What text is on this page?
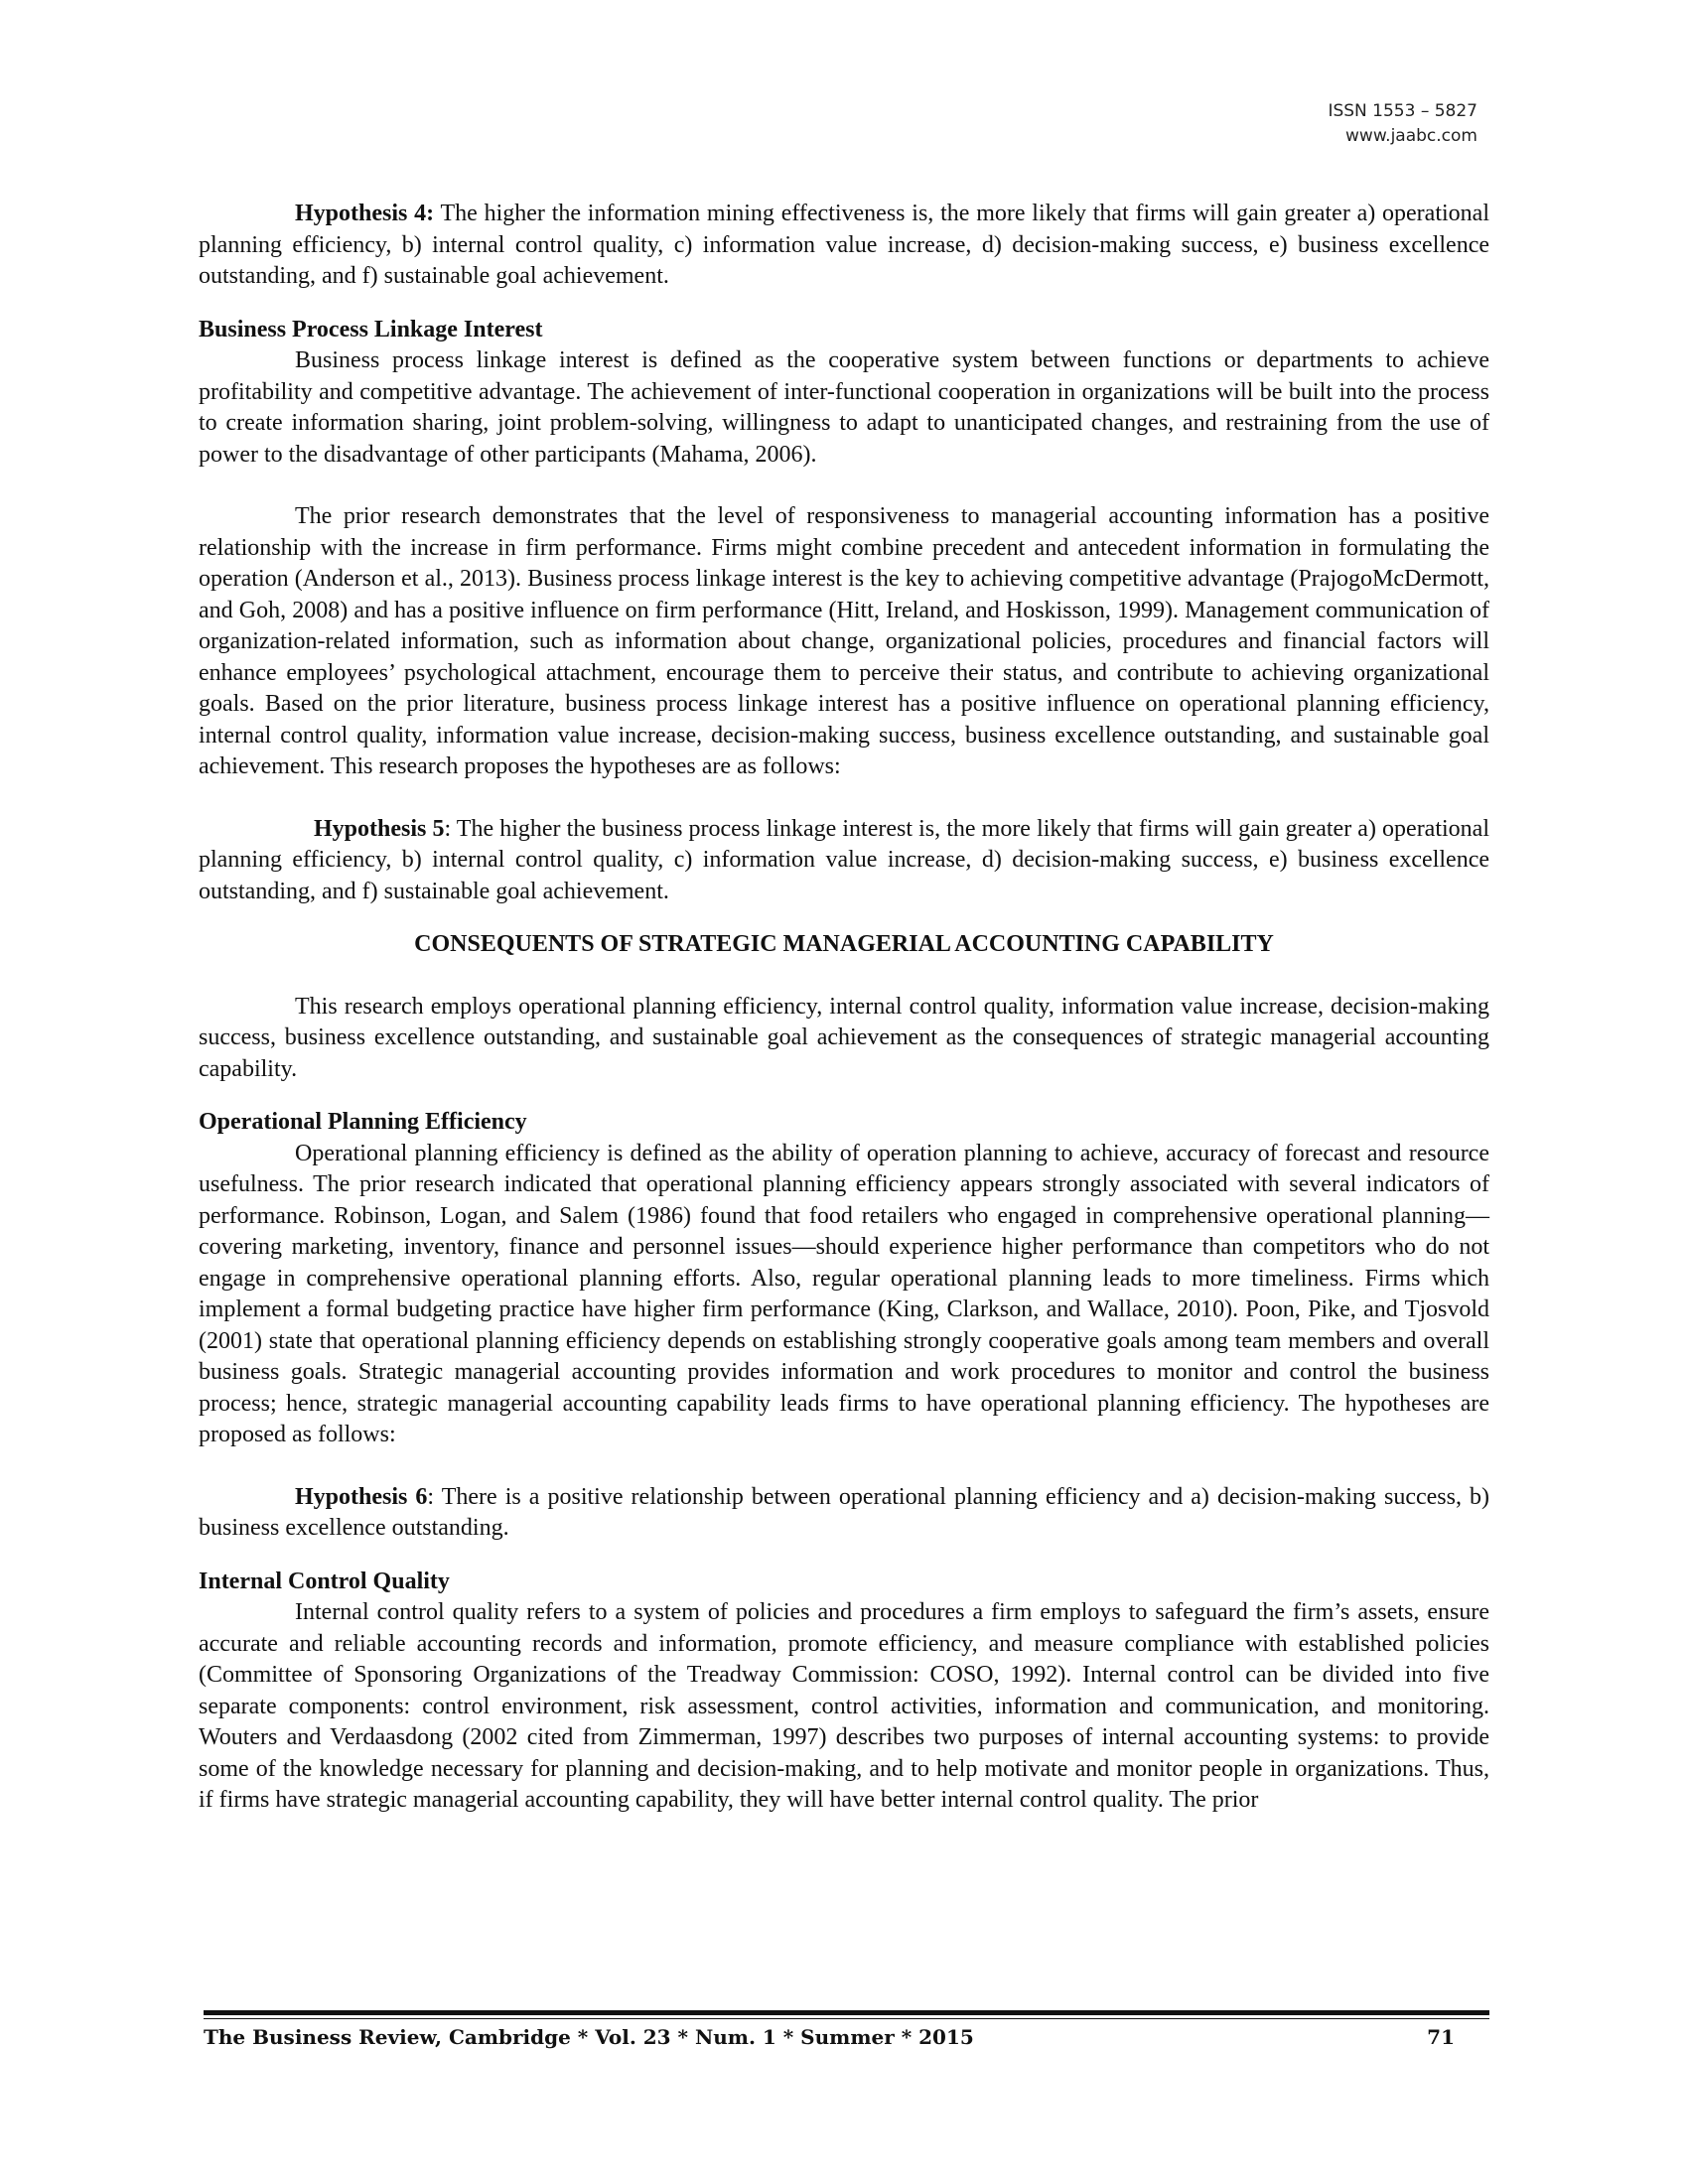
ISSN 1553 – 5827
www.jaabc.com

Hypothesis 4: The higher the information mining effectiveness is, the more likely that firms will gain greater a) operational planning efficiency, b) internal control quality, c) information value increase, d) decision-making success, e) business excellence outstanding, and f) sustainable goal achievement.

Business Process Linkage Interest

Business process linkage interest is defined as the cooperative system between functions or departments to achieve profitability and competitive advantage. The achievement of inter-functional cooperation in organizations will be built into the process to create information sharing, joint problem-solving, willingness to adapt to unanticipated changes, and restraining from the use of power to the disadvantage of other participants (Mahama, 2006).

The prior research demonstrates that the level of responsiveness to managerial accounting information has a positive relationship with the increase in firm performance. Firms might combine precedent and antecedent information in formulating the operation (Anderson et al., 2013). Business process linkage interest is the key to achieving competitive advantage (PrajogoMcDermott, and Goh, 2008) and has a positive influence on firm performance (Hitt, Ireland, and Hoskisson, 1999). Management communication of organization-related information, such as information about change, organizational policies, procedures and financial factors will enhance employees’ psychological attachment, encourage them to perceive their status, and contribute to achieving organizational goals. Based on the prior literature, business process linkage interest has a positive influence on operational planning efficiency, internal control quality, information value increase, decision-making success, business excellence outstanding, and sustainable goal achievement. This research proposes the hypotheses are as follows:

Hypothesis 5: The higher the business process linkage interest is, the more likely that firms will gain greater a) operational planning efficiency, b) internal control quality, c) information value increase, d) decision-making success, e) business excellence outstanding, and f) sustainable goal achievement.

CONSEQUENTS OF STRATEGIC MANAGERIAL ACCOUNTING CAPABILITY

This research employs operational planning efficiency, internal control quality, information value increase, decision-making success, business excellence outstanding, and sustainable goal achievement as the consequences of strategic managerial accounting capability.

Operational Planning Efficiency

Operational planning efficiency is defined as the ability of operation planning to achieve, accuracy of forecast and resource usefulness. The prior research indicated that operational planning efficiency appears strongly associated with several indicators of performance. Robinson, Logan, and Salem (1986) found that food retailers who engaged in comprehensive operational planning—covering marketing, inventory, finance and personnel issues—should experience higher performance than competitors who do not engage in comprehensive operational planning efforts. Also, regular operational planning leads to more timeliness. Firms which implement a formal budgeting practice have higher firm performance (King, Clarkson, and Wallace, 2010). Poon, Pike, and Tjosvold (2001) state that operational planning efficiency depends on establishing strongly cooperative goals among team members and overall business goals. Strategic managerial accounting provides information and work procedures to monitor and control the business process; hence, strategic managerial accounting capability leads firms to have operational planning efficiency. The hypotheses are proposed as follows:

Hypothesis 6: There is a positive relationship between operational planning efficiency and a) decision-making success, b) business excellence outstanding.

Internal Control Quality

Internal control quality refers to a system of policies and procedures a firm employs to safeguard the firm’s assets, ensure accurate and reliable accounting records and information, promote efficiency, and measure compliance with established policies (Committee of Sponsoring Organizations of the Treadway Commission: COSO, 1992). Internal control can be divided into five separate components: control environment, risk assessment, control activities, information and communication, and monitoring. Wouters and Verdaasdong (2002 cited from Zimmerman, 1997) describes two purposes of internal accounting systems: to provide some of the knowledge necessary for planning and decision-making, and to help motivate and monitor people in organizations. Thus, if firms have strategic managerial accounting capability, they will have better internal control quality. The prior

The Business Review, Cambridge * Vol. 23 * Num. 1 * Summer * 2015	71
